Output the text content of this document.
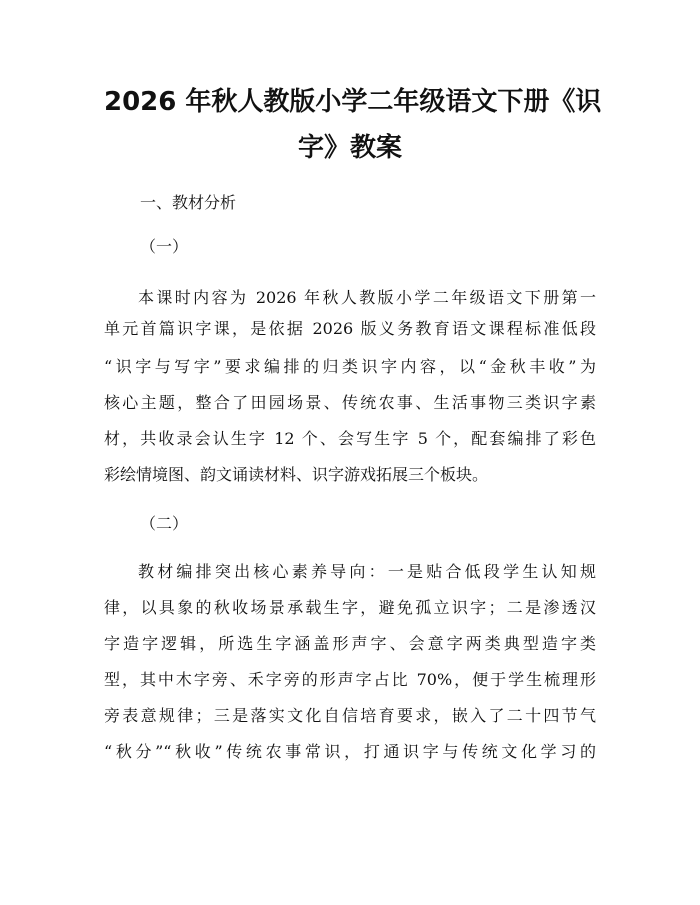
2026 年秋人教版小学二年级语文下册《识
字》教案
一、教材分析
（一）
本课时内容为 2026 年秋人教版小学二年级语文下册第一
单元首篇识字课，是依据 2026 版义务教育语文课程标准低段
“识字与写字”要求编排的归类识字内容，以“金秋丰收”为
核心主题，整合了田园场景、传统农事、生活事物三类识字素
材，共收录会认生字 12 个、会写生字 5 个，配套编排了彩色
彩绘情境图、韵文诵读材料、识字游戏拓展三个板块。
（二）
教材编排突出核心素养导向：一是贴合低段学生认知规
律，以具象的秋收场景承载生字，避免孤立识字；二是渗透汉
字造字逻辑，所选生字涵盖形声字、会意字两类典型造字类
型，其中木字旁、禾字旁的形声字占比 70%，便于学生梳理形
旁表意规律；三是落实文化自信培育要求，嵌入了二十四节气
“秋分”“秋收”传统农事常识，打通识字与传统文化学习的
